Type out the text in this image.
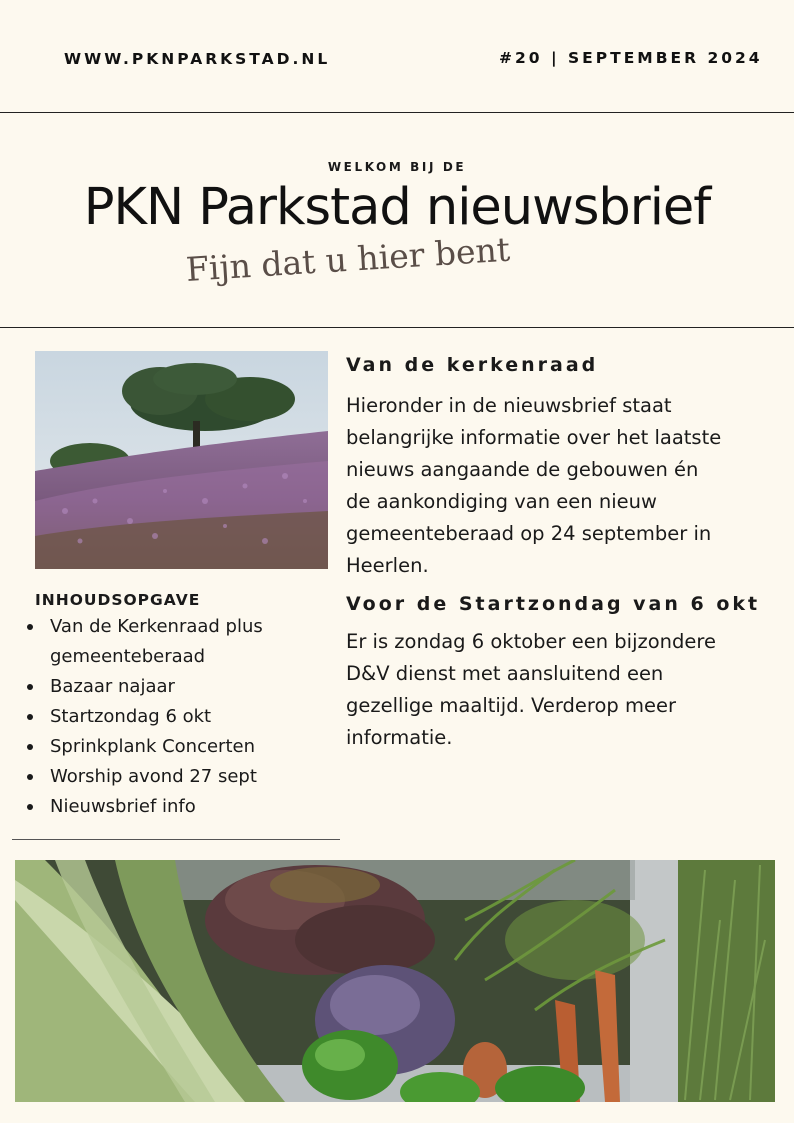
WWW.PKNPARKSTAD.NL	#20 | SEPTEMBER 2024
WELKOM BIJ DE
PKN Parkstad nieuwsbrief
Fijn dat u hier bent
Van de kerkenraad
Hieronder in de nieuwsbrief staat
belangrijke informatie over het laatste
nieuws aangaande de gebouwen én
de aankondiging van een nieuw
gemeenteberaad op 24 september in
Heerlen.
Voor de Startzondag van 6 okt
Er is zondag 6 oktober een bijzondere
D&V dienst met aansluitend een
gezellige maaltijd. Verderop meer
informatie.
INHOUDSOPGAVE
Van de Kerkenraad plus
gemeenteberaad
Bazaar najaar
Startzondag 6 okt
Sprinkplank Concerten
Worship avond 27 sept
Nieuwsbrief info
